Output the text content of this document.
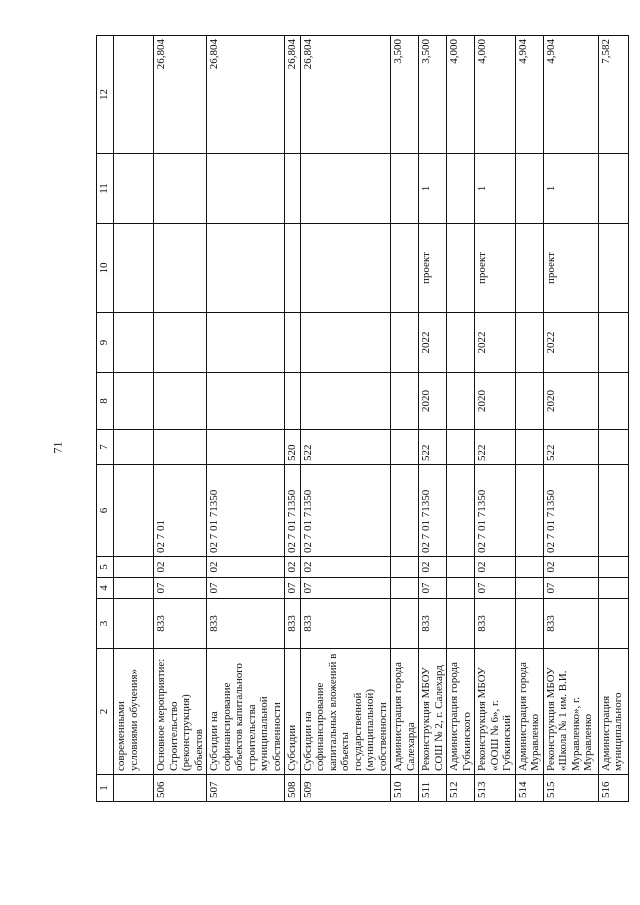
71
1	2	3	4	5	6	7	8	9	10	11	12
	современными условиями обучения»										
506	Основное мероприятие: Строительство (реконструкция) объектов	833	07	02	02 7 01						26,804
507	Субсидии на софинансирование объектов капитального строительства муниципальной собственности	833	07	02	02 7 01 71350						26,804
508	Субсидии	833	07	02	02 7 01 71350	520					26,804
509	Субсидии на софинансирование капитальных вложений в объекты государственной (муниципальной) собственности	833	07	02	02 7 01 71350	522					26,804
510	Администрация города Салехарда										3,500
511	Реконструкция МБОУ СОШ № 2, г. Салехард	833	07	02	02 7 01 71350	522	2020	2022	проект	1	3,500
512	Администрация города Губкинского										4,000
513	Реконструкция МБОУ «ООШ № 6», г. Губкинский	833	07	02	02 7 01 71350	522	2020	2022	проект	1	4,000
514	Администрация города Муравленко										4,904
515	Реконструкция МБОУ «Школа № 1 им. В.И. Муравленко», г. Муравленко	833	07	02	02 7 01 71350	522	2020	2022	проект	1	4,904
516	Администрация муниципального										7,582
